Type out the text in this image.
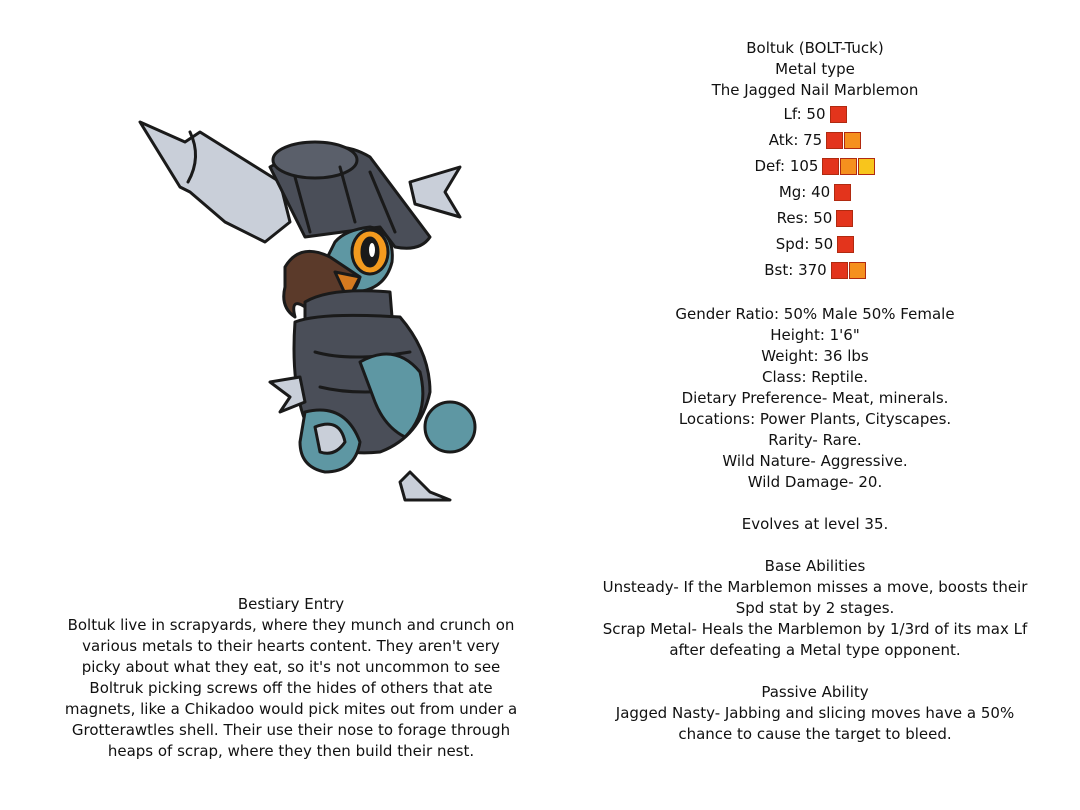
Boltuk (BOLT-Tuck)
Metal type
The Jagged Nail Marblemon
Lf: 50
Atk: 75
Def: 105
Mg: 40
Res: 50
Spd: 50
Bst: 370
Gender Ratio: 50% Male 50% Female
Height: 1'6"
Weight: 36 lbs
Class: Reptile.
Dietary Preference- Meat, minerals.
Locations: Power Plants, Cityscapes.
Rarity- Rare.
Wild Nature- Aggressive.
Wild Damage- 20.
Evolves at level 35.
Base Abilities
Unsteady- If the Marblemon misses a move, boosts their
Spd stat by 2 stages.
Scrap Metal- Heals the Marblemon by 1/3rd of its max Lf
after defeating a Metal type opponent.
Passive Ability
Jagged Nasty- Jabbing and slicing moves have a 50%
chance to cause the target to bleed.
Bestiary Entry
Boltuk live in scrapyards, where they munch and crunch on
various metals to their hearts content. They aren't very
picky about what they eat, so it's not uncommon to see
Boltruk picking screws off the hides of others that ate
magnets, like a Chikadoo would pick mites out from under a
Grotterawtles shell. Their use their nose to forage through
heaps of scrap, where they then build their nest.
